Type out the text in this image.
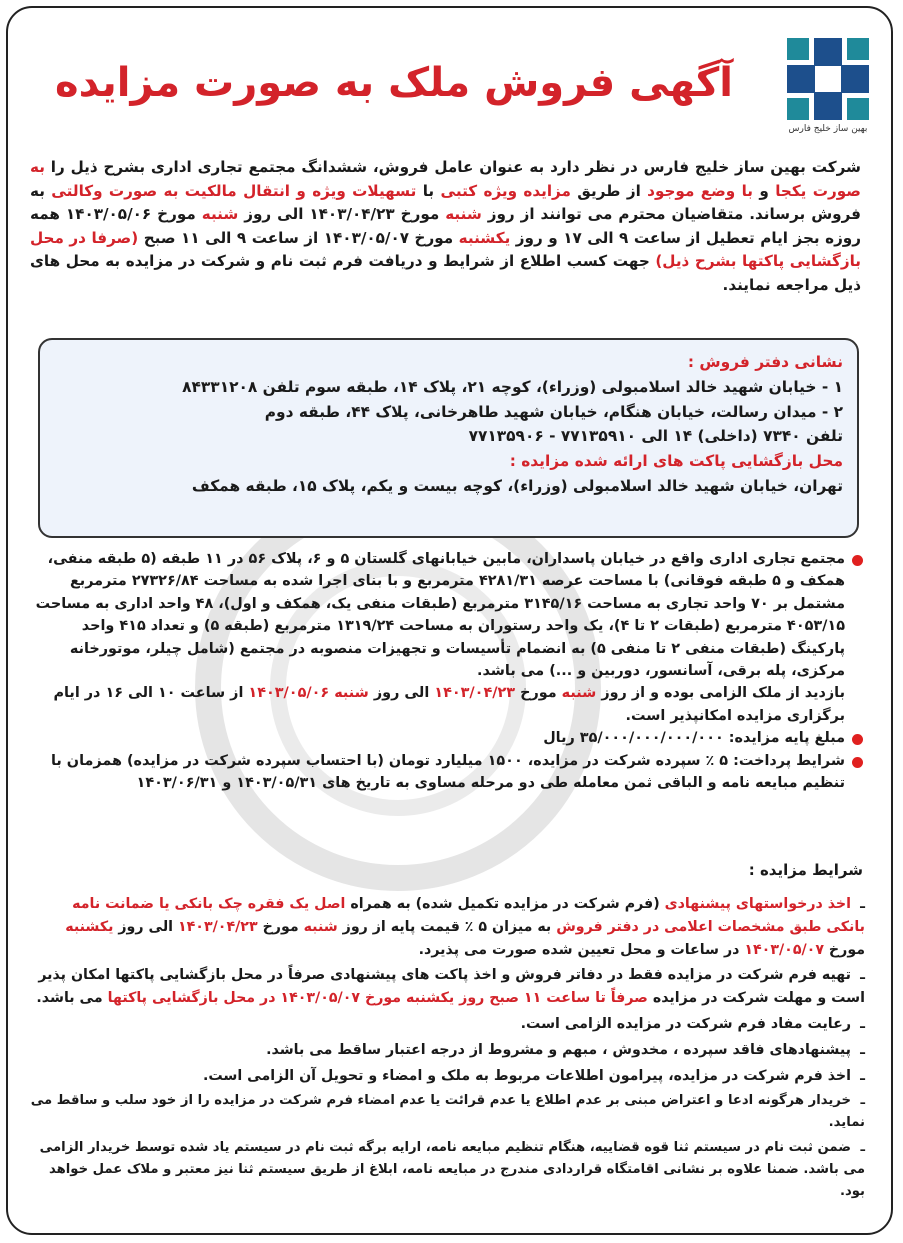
بهین ساز خلیج فارس
آگهی فروش ملک به صورت مزایده
شرکت بهین ساز خلیج فارس در نظر دارد به عنوان عامل فروش، ششدانگ مجتمع تجاری اداری بشرح ذیل را به صورت یکجا و با وضع موجود از طریق مزایده ویژه کتبی با تسهیلات ویژه و انتقال مالکیت به صورت وکالتی به فروش برساند. متقاضیان محترم می توانند از روز شنبه مورخ ۱۴۰۳/۰۴/۲۳ الی روز شنبه مورخ ۱۴۰۳/۰۵/۰۶ همه روزه بجز ایام تعطیل از ساعت ۹ الی ۱۷ و روز یکشنبه مورخ ۱۴۰۳/۰۵/۰۷ از ساعت ۹ الی ۱۱ صبح (صرفا در محل بازگشایی پاکتها بشرح ذیل) جهت کسب اطلاع از شرایط و دریافت فرم ثبت نام و شرکت در مزایده به محل های ذیل مراجعه نمایند.
نشانی دفتر فروش :
۱ - خیابان شهید خالد اسلامبولی (وزراء)، کوچه ۲۱، پلاک ۱۴، طبقه سوم تلفن ۸۴۳۳۱۲۰۸
۲ - میدان رسالت، خیابان هنگام، خیابان شهید طاهرخانی، پلاک ۴۴، طبقه دوم
تلفن ۷۳۴۰ (داخلی) ۱۴ الی ۷۷۱۳۵۹۱۰ - ۷۷۱۳۵۹۰۶
محل بازگشایی پاکت های ارائه شده مزایده :
تهران، خیابان شهید خالد اسلامبولی (وزراء)، کوچه بیست و یکم، پلاک ۱۵، طبقه همکف
مجتمع تجاری اداری واقع در خیابان پاسداران، مابین خیابانهای گلستان ۵ و ۶، پلاک ۵۶ در ۱۱ طبقه (۵ طبقه منفی، همکف و ۵ طبقه فوقانی) با مساحت عرصه ۴۲۸۱/۳۱ مترمربع و با بنای اجرا شده به مساحت ۲۷۳۲۶/۸۴ مترمربع مشتمل بر ۷۰ واحد تجاری به مساحت ۳۱۴۵/۱۶ مترمربع (طبقات منفی یک، همکف و اول)، ۴۸ واحد اداری به مساحت ۴۰۵۳/۱۵ مترمربع (طبقات ۲ تا ۴)، یک واحد رستوران به مساحت ۱۳۱۹/۲۴ مترمربع (طبقه ۵) و تعداد ۴۱۵ واحد پارکینگ (طبقات منفی ۲ تا منفی ۵) به انضمام تأسیسات و تجهیزات منصوبه در مجتمع (شامل چیلر، موتورخانه مرکزی، پله برقی، آسانسور، دوربین و ...) می باشد.
بازدید از ملک الزامی بوده و از روز شنبه مورخ ۱۴۰۳/۰۴/۲۳ الی روز شنبه ۱۴۰۳/۰۵/۰۶ از ساعت ۱۰ الی ۱۶ در ایام برگزاری مزایده امکانپذیر است.
مبلغ پایه مزایده: ۳۵/۰۰۰/۰۰۰/۰۰۰/۰۰۰ ریال
شرایط پرداخت: ۵ ٪ سپرده شرکت در مزایده، ۱۵۰۰ میلیارد تومان (با احتساب سپرده شرکت در مزایده) همزمان با تنظیم مبایعه نامه و الباقی ثمن معامله طی دو مرحله مساوی به تاریخ های ۱۴۰۳/۰۵/۳۱ و ۱۴۰۳/۰۶/۳۱
شرایط مزایده :

ـاخذ درخواستهای پیشنهادی (فرم شرکت در مزایده تکمیل شده) به همراه اصل یک فقره چک بانکی یا ضمانت نامه بانکی طبق مشخصات اعلامی در دفتر فروش به میزان ۵ ٪ قیمت پایه از روز شنبه مورخ ۱۴۰۳/۰۴/۲۳ الی روز یکشنبه مورخ ۱۴۰۳/۰۵/۰۷ در ساعات و محل تعیین شده صورت می پذیرد.

ـتهیه فرم شرکت در مزایده فقط در دفاتر فروش و اخذ پاکت های پیشنهادی صرفاً در محل بازگشایی پاکتها امکان پذیر است و مهلت شرکت در مزایده صرفاً تا ساعت ۱۱ صبح روز یکشنبه مورخ ۱۴۰۳/۰۵/۰۷ در محل بازگشایی پاکتها می باشد.

ـرعایت مفاد فرم شرکت در مزایده الزامی است.

ـپیشنهادهای فاقد سپرده ، مخدوش ، مبهم و مشروط از درجه اعتبار ساقط می باشد.

ـاخذ فرم شرکت در مزایده، پیرامون اطلاعات مربوط به ملک و امضاء و تحویل آن الزامی است.

ـخریدار هرگونه ادعا و اعتراض مبنی بر عدم اطلاع یا عدم قرائت یا عدم امضاء فرم شرکت در مزایده را از خود سلب و ساقط می نماید.

ـضمن ثبت نام در سیستم ثنا قوه قضاییه، هنگام تنظیم مبایعه نامه، ارایه برگه ثبت نام در سیستم یاد شده توسط خریدار الزامی می باشد. ضمنا علاوه بر نشانی اقامتگاه قراردادی مندرج در مبایعه نامه، ابلاغ از طریق سیستم ثنا نیز معتبر و ملاک عمل خواهد بود.
